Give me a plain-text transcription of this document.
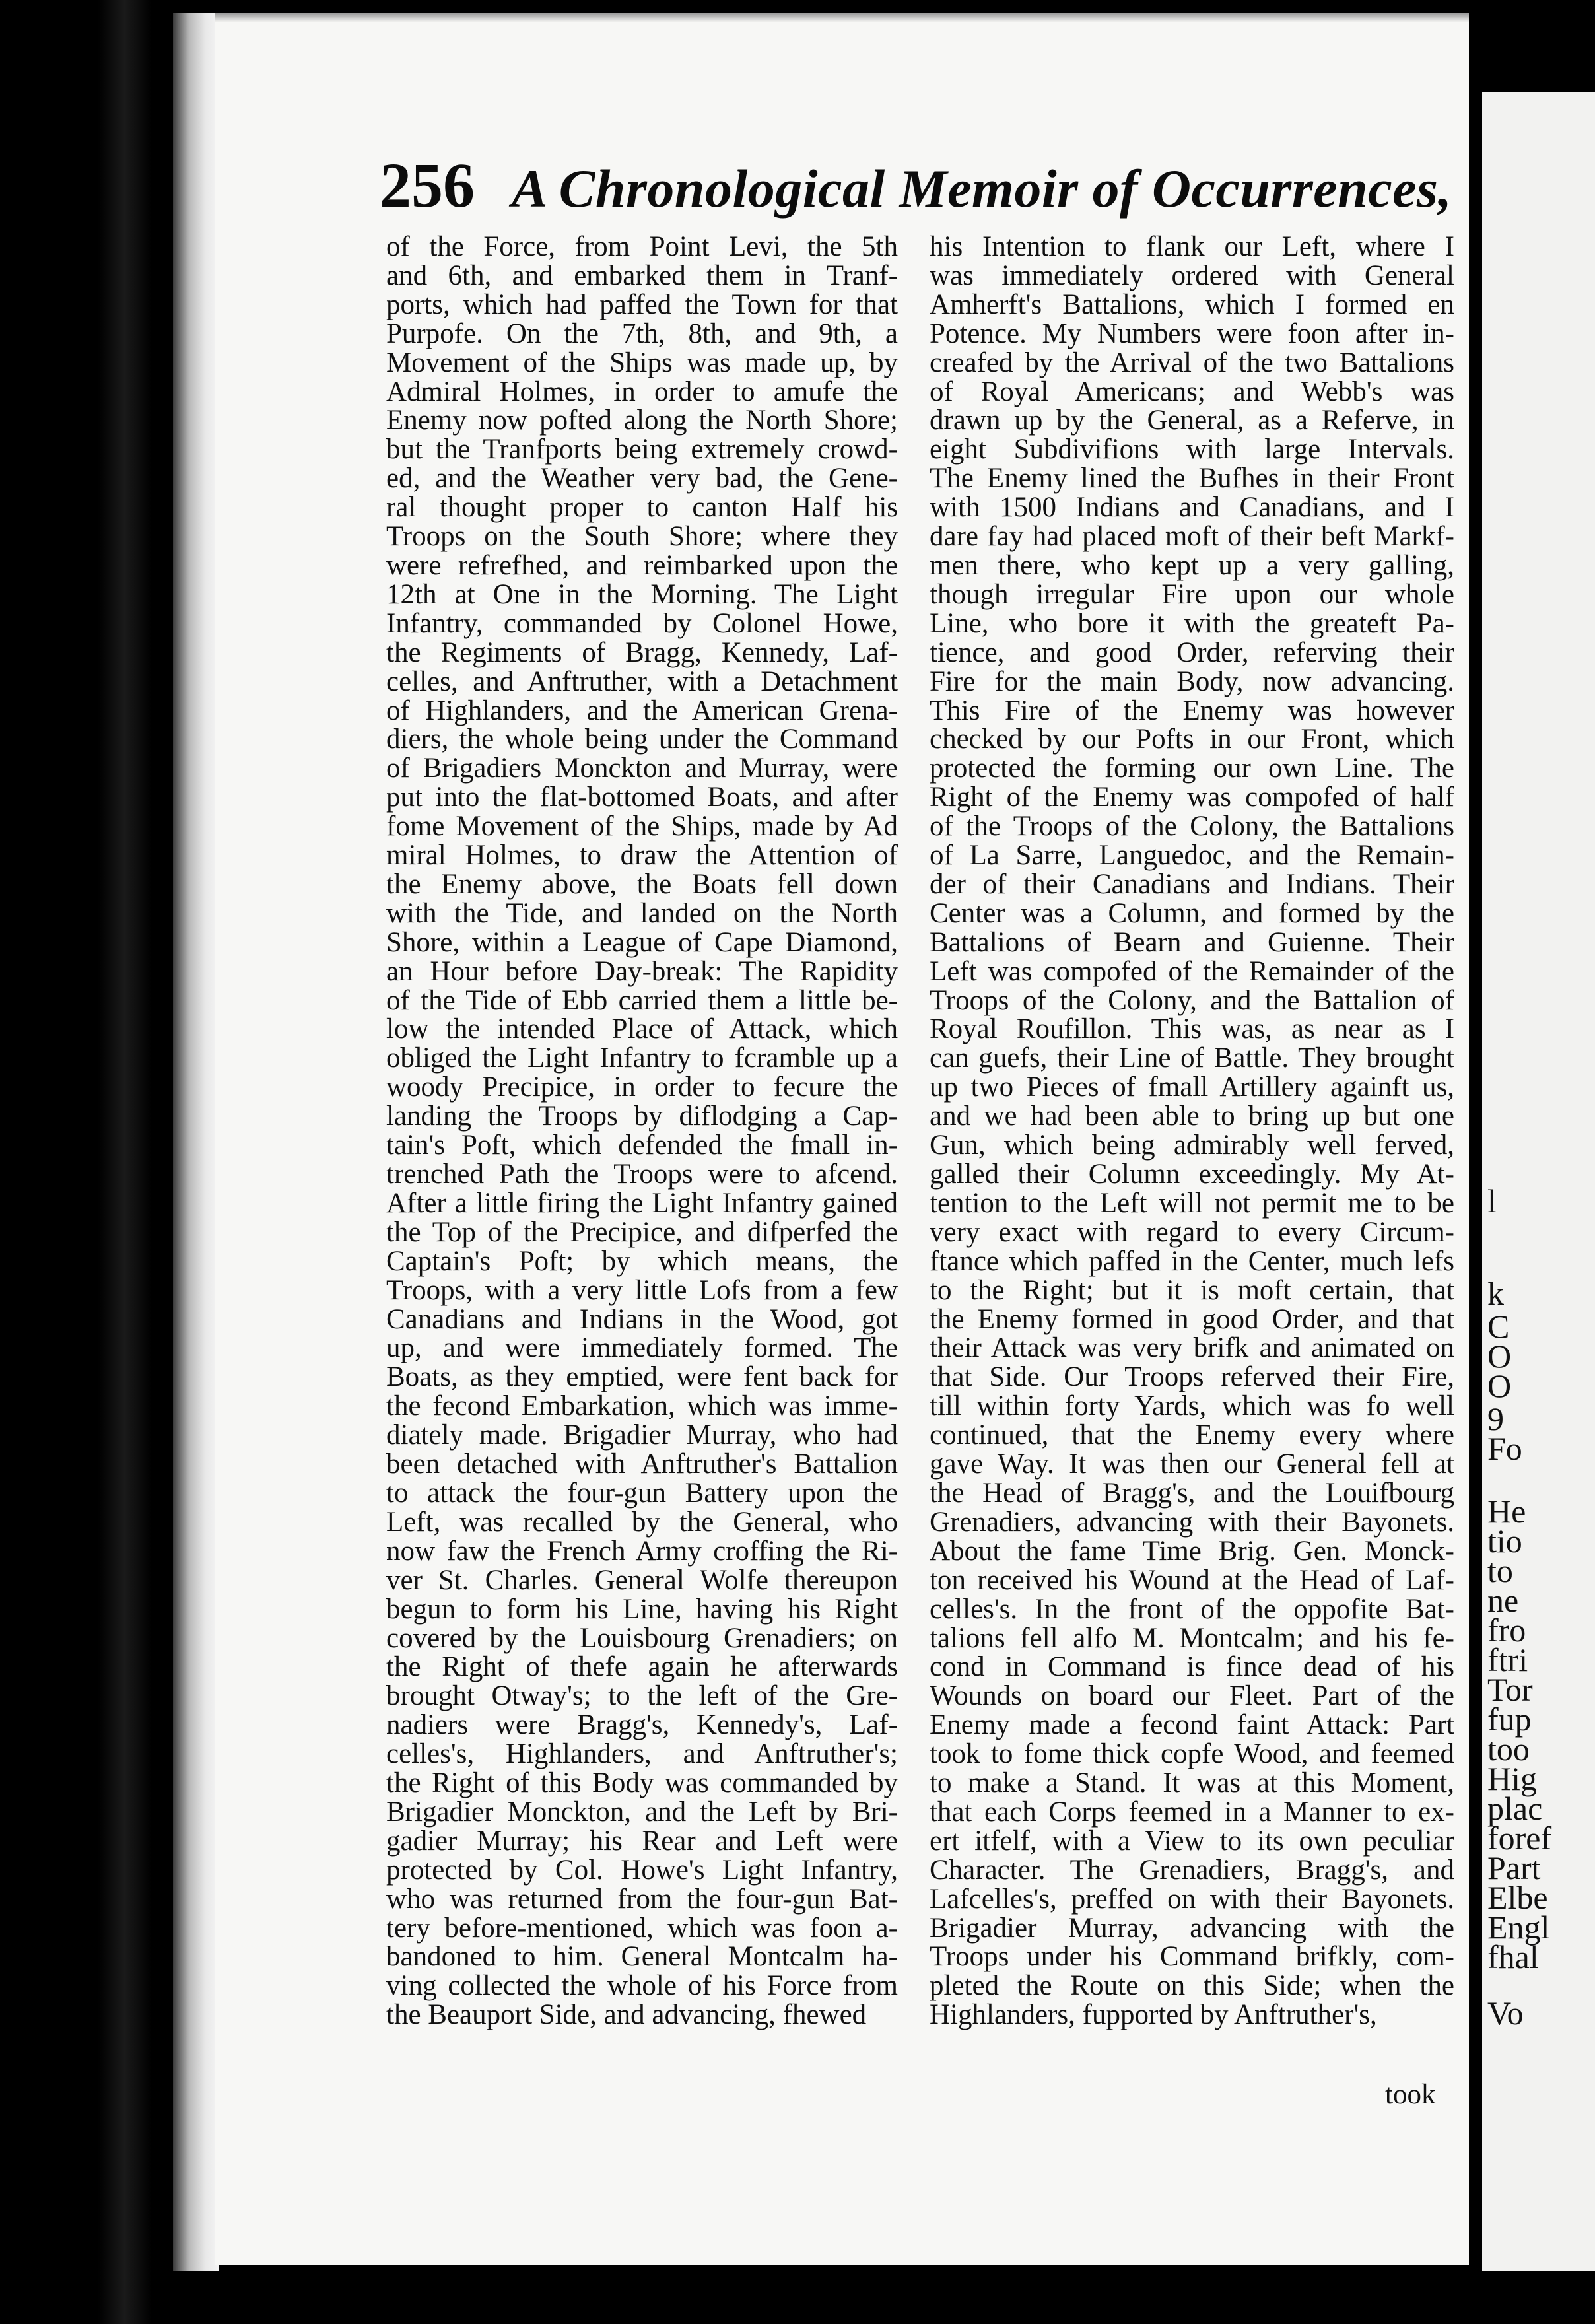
l
k
C
O
O
9
Fo
He
tio
to
ne
fro
ftri
Tor
fup
too
Hig
plac
foref
Part
Elbe
Engl
fhal
Vo
256 A Chronological Memoir of Occurrences,
of the Force, from Point Levi, the 5th
and 6th, and embarked them in Tranf-
ports, which had paffed the Town for that
Purpofe. On the 7th, 8th, and 9th, a
Movement of the Ships was made up, by
Admiral Holmes, in order to amufe the
Enemy now pofted along the North Shore;
but the Tranfports being extremely crowd-
ed, and the Weather very bad, the Gene-
ral thought proper to canton Half his
Troops on the South Shore; where they
were refrefhed, and reimbarked upon the
12th at One in the Morning. The Light
Infantry, commanded by Colonel Howe,
the Regiments of Bragg, Kennedy, Laf-
celles, and Anftruther, with a Detachment
of Highlanders, and the American Grena-
diers, the whole being under the Command
of Brigadiers Monckton and Murray, were
put into the flat-bottomed Boats, and after
fome Movement of the Ships, made by Ad
miral Holmes, to draw the Attention of
the Enemy above, the Boats fell down
with the Tide, and landed on the North
Shore, within a League of Cape Diamond,
an Hour before Day-break: The Rapidity
of the Tide of Ebb carried them a little be-
low the intended Place of Attack, which
obliged the Light Infantry to fcramble up a
woody Precipice, in order to fecure the
landing the Troops by diflodging a Cap-
tain's Poft, which defended the fmall in-
trenched Path the Troops were to afcend.
After a little firing the Light Infantry gained
the Top of the Precipice, and difperfed the
Captain's Poft; by which means, the
Troops, with a very little Lofs from a few
Canadians and Indians in the Wood, got
up, and were immediately formed. The
Boats, as they emptied, were fent back for
the fecond Embarkation, which was imme-
diately made. Brigadier Murray, who had
been detached with Anftruther's Battalion
to attack the four-gun Battery upon the
Left, was recalled by the General, who
now faw the French Army croffing the Ri-
ver St. Charles. General Wolfe thereupon
begun to form his Line, having his Right
covered by the Louisbourg Grenadiers; on
the Right of thefe again he afterwards
brought Otway's; to the left of the Gre-
nadiers were Bragg's, Kennedy's, Laf-
celles's, Highlanders, and Anftruther's;
the Right of this Body was commanded by
Brigadier Monckton, and the Left by Bri-
gadier Murray; his Rear and Left were
protected by Col. Howe's Light Infantry,
who was returned from the four-gun Bat-
tery before-mentioned, which was foon a-
bandoned to him. General Montcalm ha-
ving collected the whole of his Force from
the Beauport Side, and advancing, fhewed
his Intention to flank our Left, where I
was immediately ordered with General
Amherft's Battalions, which I formed en
Potence. My Numbers were foon after in-
creafed by the Arrival of the two Battalions
of Royal Americans; and Webb's was
drawn up by the General, as a Referve, in
eight Subdivifions with large Intervals.
The Enemy lined the Bufhes in their Front
with 1500 Indians and Canadians, and I
dare fay had placed moft of their beft Markf-
men there, who kept up a very galling,
though irregular Fire upon our whole
Line, who bore it with the greateft Pa-
tience, and good Order, referving their
Fire for the main Body, now advancing.
This Fire of the Enemy was however
checked by our Pofts in our Front, which
protected the forming our own Line. The
Right of the Enemy was compofed of half
of the Troops of the Colony, the Battalions
of La Sarre, Languedoc, and the Remain-
der of their Canadians and Indians. Their
Center was a Column, and formed by the
Battalions of Bearn and Guienne. Their
Left was compofed of the Remainder of the
Troops of the Colony, and the Battalion of
Royal Roufillon. This was, as near as I
can guefs, their Line of Battle. They brought
up two Pieces of fmall Artillery againft us,
and we had been able to bring up but one
Gun, which being admirably well ferved,
galled their Column exceedingly. My At-
tention to the Left will not permit me to be
very exact with regard to every Circum-
ftance which paffed in the Center, much lefs
to the Right; but it is moft certain, that
the Enemy formed in good Order, and that
their Attack was very brifk and animated on
that Side. Our Troops referved their Fire,
till within forty Yards, which was fo well
continued, that the Enemy every where
gave Way. It was then our General fell at
the Head of Bragg's, and the Louifbourg
Grenadiers, advancing with their Bayonets.
About the fame Time Brig. Gen. Monck-
ton received his Wound at the Head of Laf-
celles's. In the front of the oppofite Bat-
talions fell alfo M. Montcalm; and his fe-
cond in Command is fince dead of his
Wounds on board our Fleet. Part of the
Enemy made a fecond faint Attack: Part
took to fome thick copfe Wood, and feemed
to make a Stand. It was at this Moment,
that each Corps feemed in a Manner to ex-
ert itfelf, with a View to its own peculiar
Character. The Grenadiers, Bragg's, and
Lafcelles's, preffed on with their Bayonets.
Brigadier Murray, advancing with the
Troops under his Command brifkly, com-
pleted the Route on this Side; when the
Highlanders, fupported by Anftruther's,
took
